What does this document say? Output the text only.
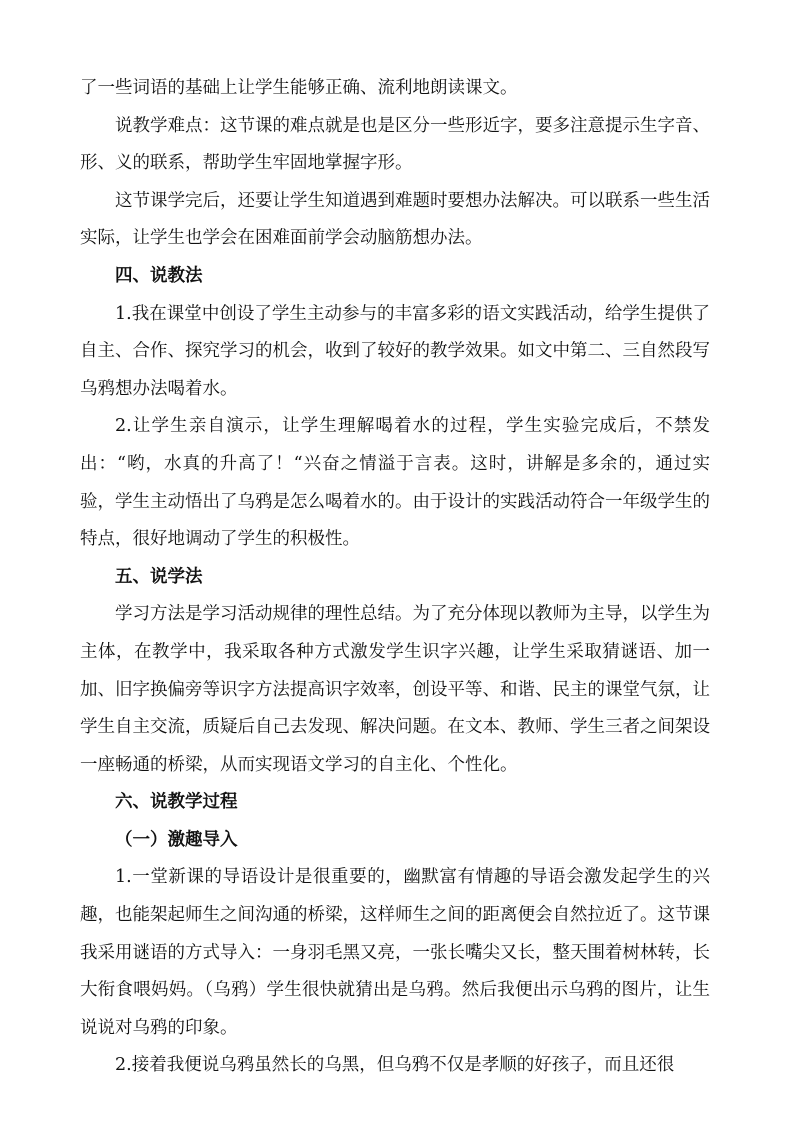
了一些词语的基础上让学生能够正确、流利地朗读课文。

说教学难点：这节课的难点就是也是区分一些形近字，要多注意提示生字音、形、义的联系，帮助学生牢固地掌握字形。

这节课学完后，还要让学生知道遇到难题时要想办法解决。可以联系一些生活实际，让学生也学会在困难面前学会动脑筋想办法。

四、说教法

1.我在课堂中创设了学生主动参与的丰富多彩的语文实践活动，给学生提供了自主、合作、探究学习的机会，收到了较好的教学效果。如文中第二、三自然段写乌鸦想办法喝着水。

2.让学生亲自演示，让学生理解喝着水的过程，学生实验完成后，不禁发出：“哟，水真的升高了！“兴奋之情溢于言表。这时，讲解是多余的，通过实验，学生主动悟出了乌鸦是怎么喝着水的。由于设计的实践活动符合一年级学生的特点，很好地调动了学生的积极性。

五、说学法

学习方法是学习活动规律的理性总结。为了充分体现以教师为主导，以学生为主体，在教学中，我采取各种方式激发学生识字兴趣，让学生采取猜谜语、加一加、旧字换偏旁等识字方法提高识字效率，创设平等、和谐、民主的课堂气氛，让学生自主交流，质疑后自己去发现、解决问题。在文本、教师、学生三者之间架设一座畅通的桥梁，从而实现语文学习的自主化、个性化。

六、说教学过程

（一）激趣导入

1.一堂新课的导语设计是很重要的，幽默富有情趣的导语会激发起学生的兴趣，也能架起师生之间沟通的桥梁，这样师生之间的距离便会自然拉近了。这节课我采用谜语的方式导入：一身羽毛黑又亮，一张长嘴尖又长，整天围着树林转，长大衔食喂妈妈。（乌鸦）学生很快就猜出是乌鸦。然后我便出示乌鸦的图片，让生说说对乌鸦的印象。

2.接着我便说乌鸦虽然长的乌黑，但乌鸦不仅是孝顺的好孩子，而且还很
